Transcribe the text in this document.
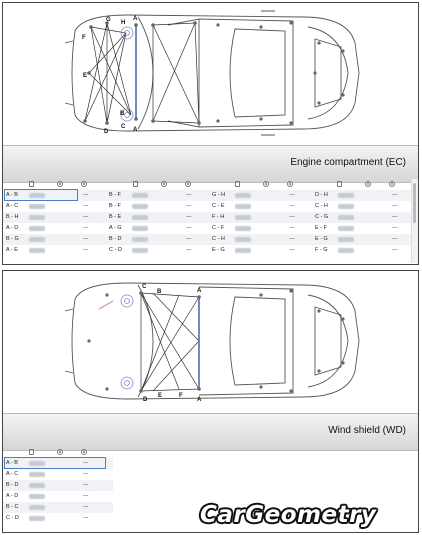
G H
A
F
E
B
D
C A
Engine compartment (EC)
A - B	---	B - F	---	G - H	---	D - H	---
A - C	---	B - F	---	C - E	---	C - H	---
B - H	---	B - E	---	F - H	---	C - G	---
A - D	---	A - G	---	C - F	---	E - F	---
B - G	---	B - D	---	C - H	---	E - G	---
A - E	---	C - D	---	E - G	---	F - G	---
C
B	A
D
E	F
A
Wind shield (WD)
A - B	---
A - C	---
B - D	---
A - D	---
B - C	---
C - D	---	CarGeometry
